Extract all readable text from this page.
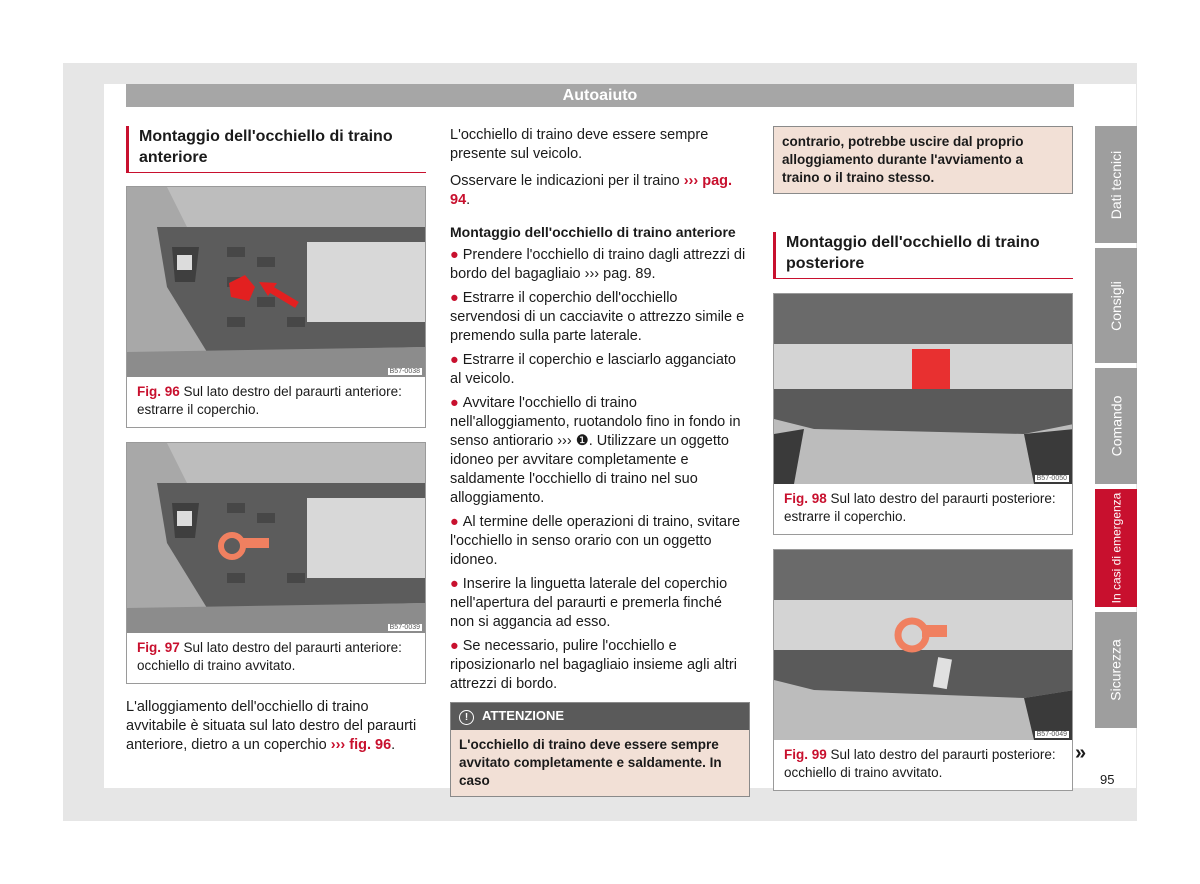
Autoaiuto
Montaggio dell'occhiello di traino anteriore
B57-0038
Fig. 96 Sul lato destro del paraurti anteriore: estrarre il coperchio.
B57-0039
Fig. 97 Sul lato destro del paraurti anteriore: occhiello di traino avvitato.

L'alloggiamento dell'occhiello di traino avvitabile è situata sul lato destro del paraurti anteriore, dietro a un coperchio ››› fig. 96.

L'occhiello di traino deve essere sempre presente sul veicolo.

Osservare le indicazioni per il traino ››› pag. 94.

Montaggio dell'occhiello di traino anteriore
● Prendere l'occhiello di traino dagli attrezzi di bordo del bagagliaio ››› pag. 89.
● Estrarre il coperchio dell'occhiello servendosi di un cacciavite o attrezzo simile e premendo sulla parte laterale.
● Estrarre il coperchio e lasciarlo agganciato al veicolo.
● Avvitare l'occhiello di traino nell'alloggiamento, ruotandolo fino in fondo in senso antiorario ››› ❶. Utilizzare un oggetto idoneo per avvitare completamente e saldamente l'occhiello di traino nel suo alloggiamento.
● Al termine delle operazioni di traino, svitare l'occhiello in senso orario con un oggetto idoneo.
● Inserire la linguetta laterale del coperchio nell'apertura del paraurti e premerla finché non si aggancia ad esso.
● Se necessario, pulire l'occhiello e riposizionarlo nel bagagliaio insieme agli altri attrezzi di bordo.
! ATTENZIONE
L'occhiello di traino deve essere sempre avvitato completamente e saldamente. In caso
contrario, potrebbe uscire dal proprio alloggiamento durante l'avviamento a traino o il traino stesso.
Montaggio dell'occhiello di traino posteriore
B57-0050
Fig. 98 Sul lato destro del paraurti posteriore: estrarre il coperchio.
B57-0049
Fig. 99 Sul lato destro del paraurti posteriore: occhiello di traino avvitato.
»
Dati tecnici
Consigli
Comando
In casi di emergenza
Sicurezza
95
